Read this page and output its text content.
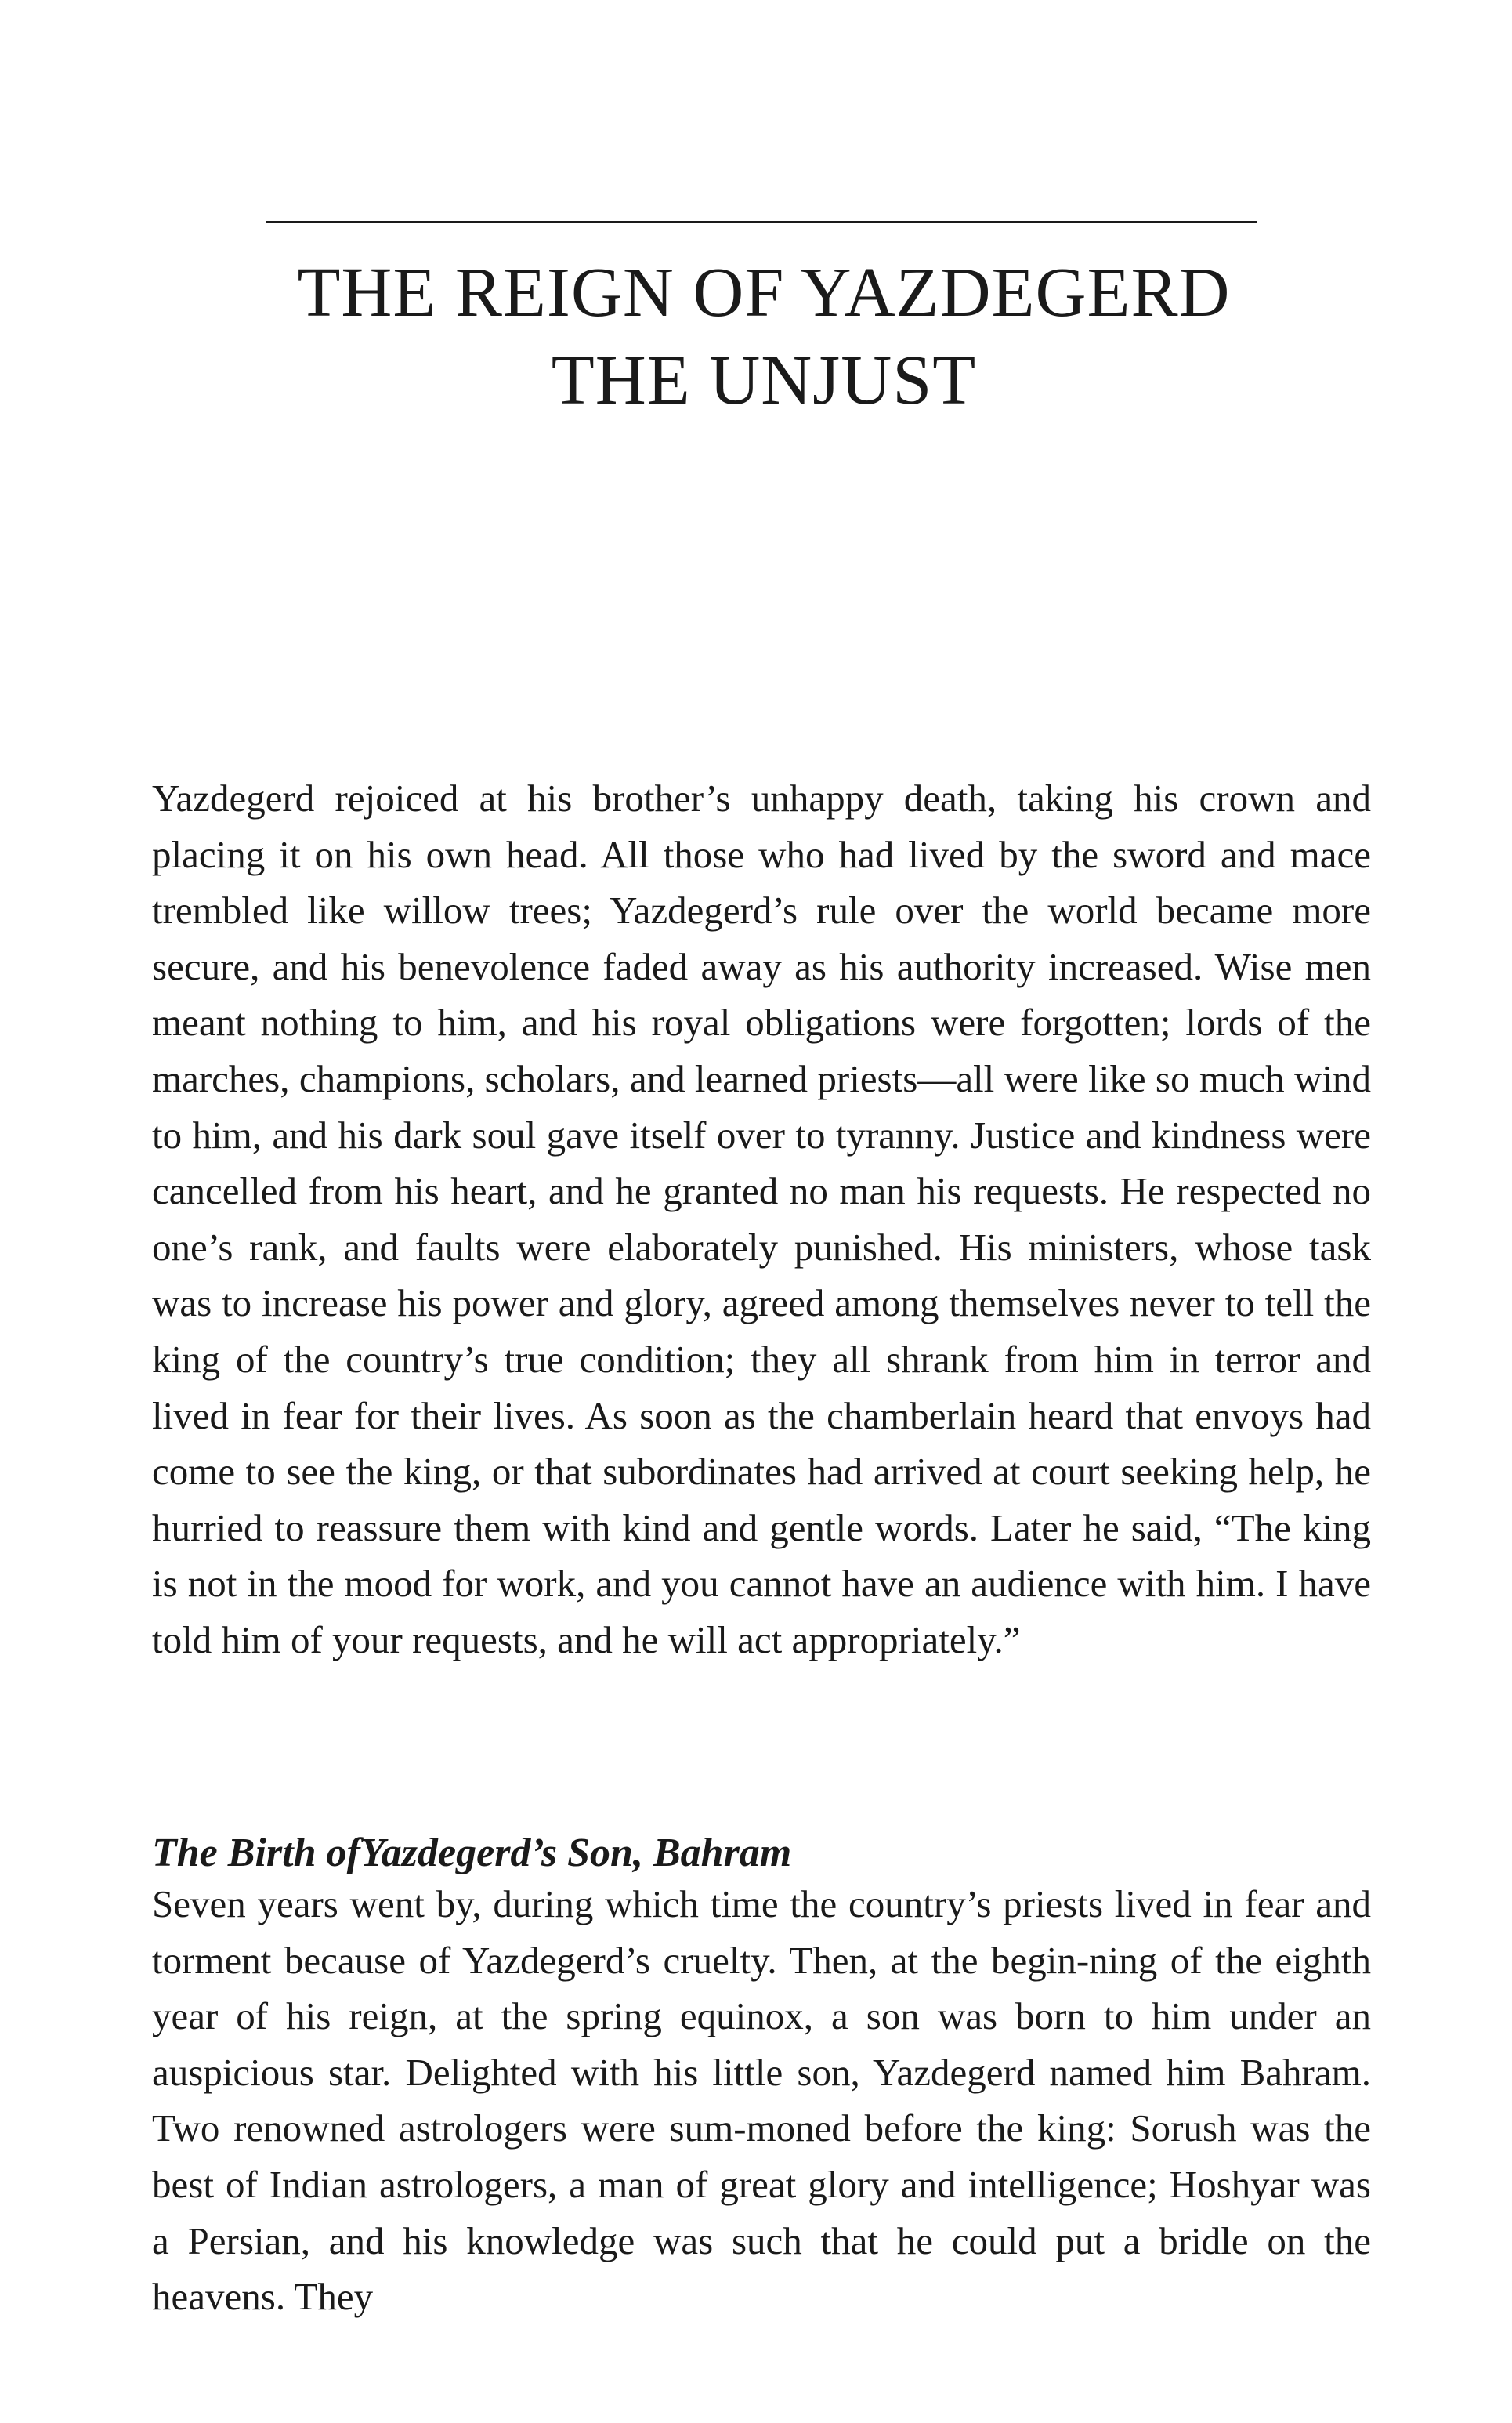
THE REIGN OF YAZDEGERD
THE UNJUST

Yazdegerd rejoiced at his brother’s unhappy death, taking his crown and placing it on his own head. All those who had lived by the sword and mace trembled like willow trees; Yazdegerd’s rule over the world became more secure, and his benevolence faded away as his authority increased. Wise men meant nothing to him, and his royal obligations were forgotten; lords of the marches, champions, scholars, and learned priests—all were like so much wind to him, and his dark soul gave itself over to tyranny. Justice and kindness were cancelled from his heart, and he granted no man his requests. He respected no one’s rank, and faults were elaborately punished. His ministers, whose task was to increase his power and glory, agreed among themselves never to tell the king of the country’s true condition; they all shrank from him in terror and lived in fear for their lives. As soon as the chamberlain heard that envoys had come to see the king, or that subordinates had arrived at court seeking help, he hurried to reassure them with kind and gentle words. Later he said, “The king is not in the mood for work, and you cannot have an audience with him. I have told him of your requests, and he will act appropriately.”

The Birth ofYazdegerd’s Son, Bahram

Seven years went by, during which time the country’s priests lived in fear and torment because of Yazdegerd’s cruelty. Then, at the begin-ning of the eighth year of his reign, at the spring equinox, a son was born to him under an auspicious star. Delighted with his little son, Yazdegerd named him Bahram. Two renowned astrologers were sum-moned before the king: Sorush was the best of Indian astrologers, a man of great glory and intelligence; Hoshyar was a Persian, and his knowledge was such that he could put a bridle on the heavens. They
